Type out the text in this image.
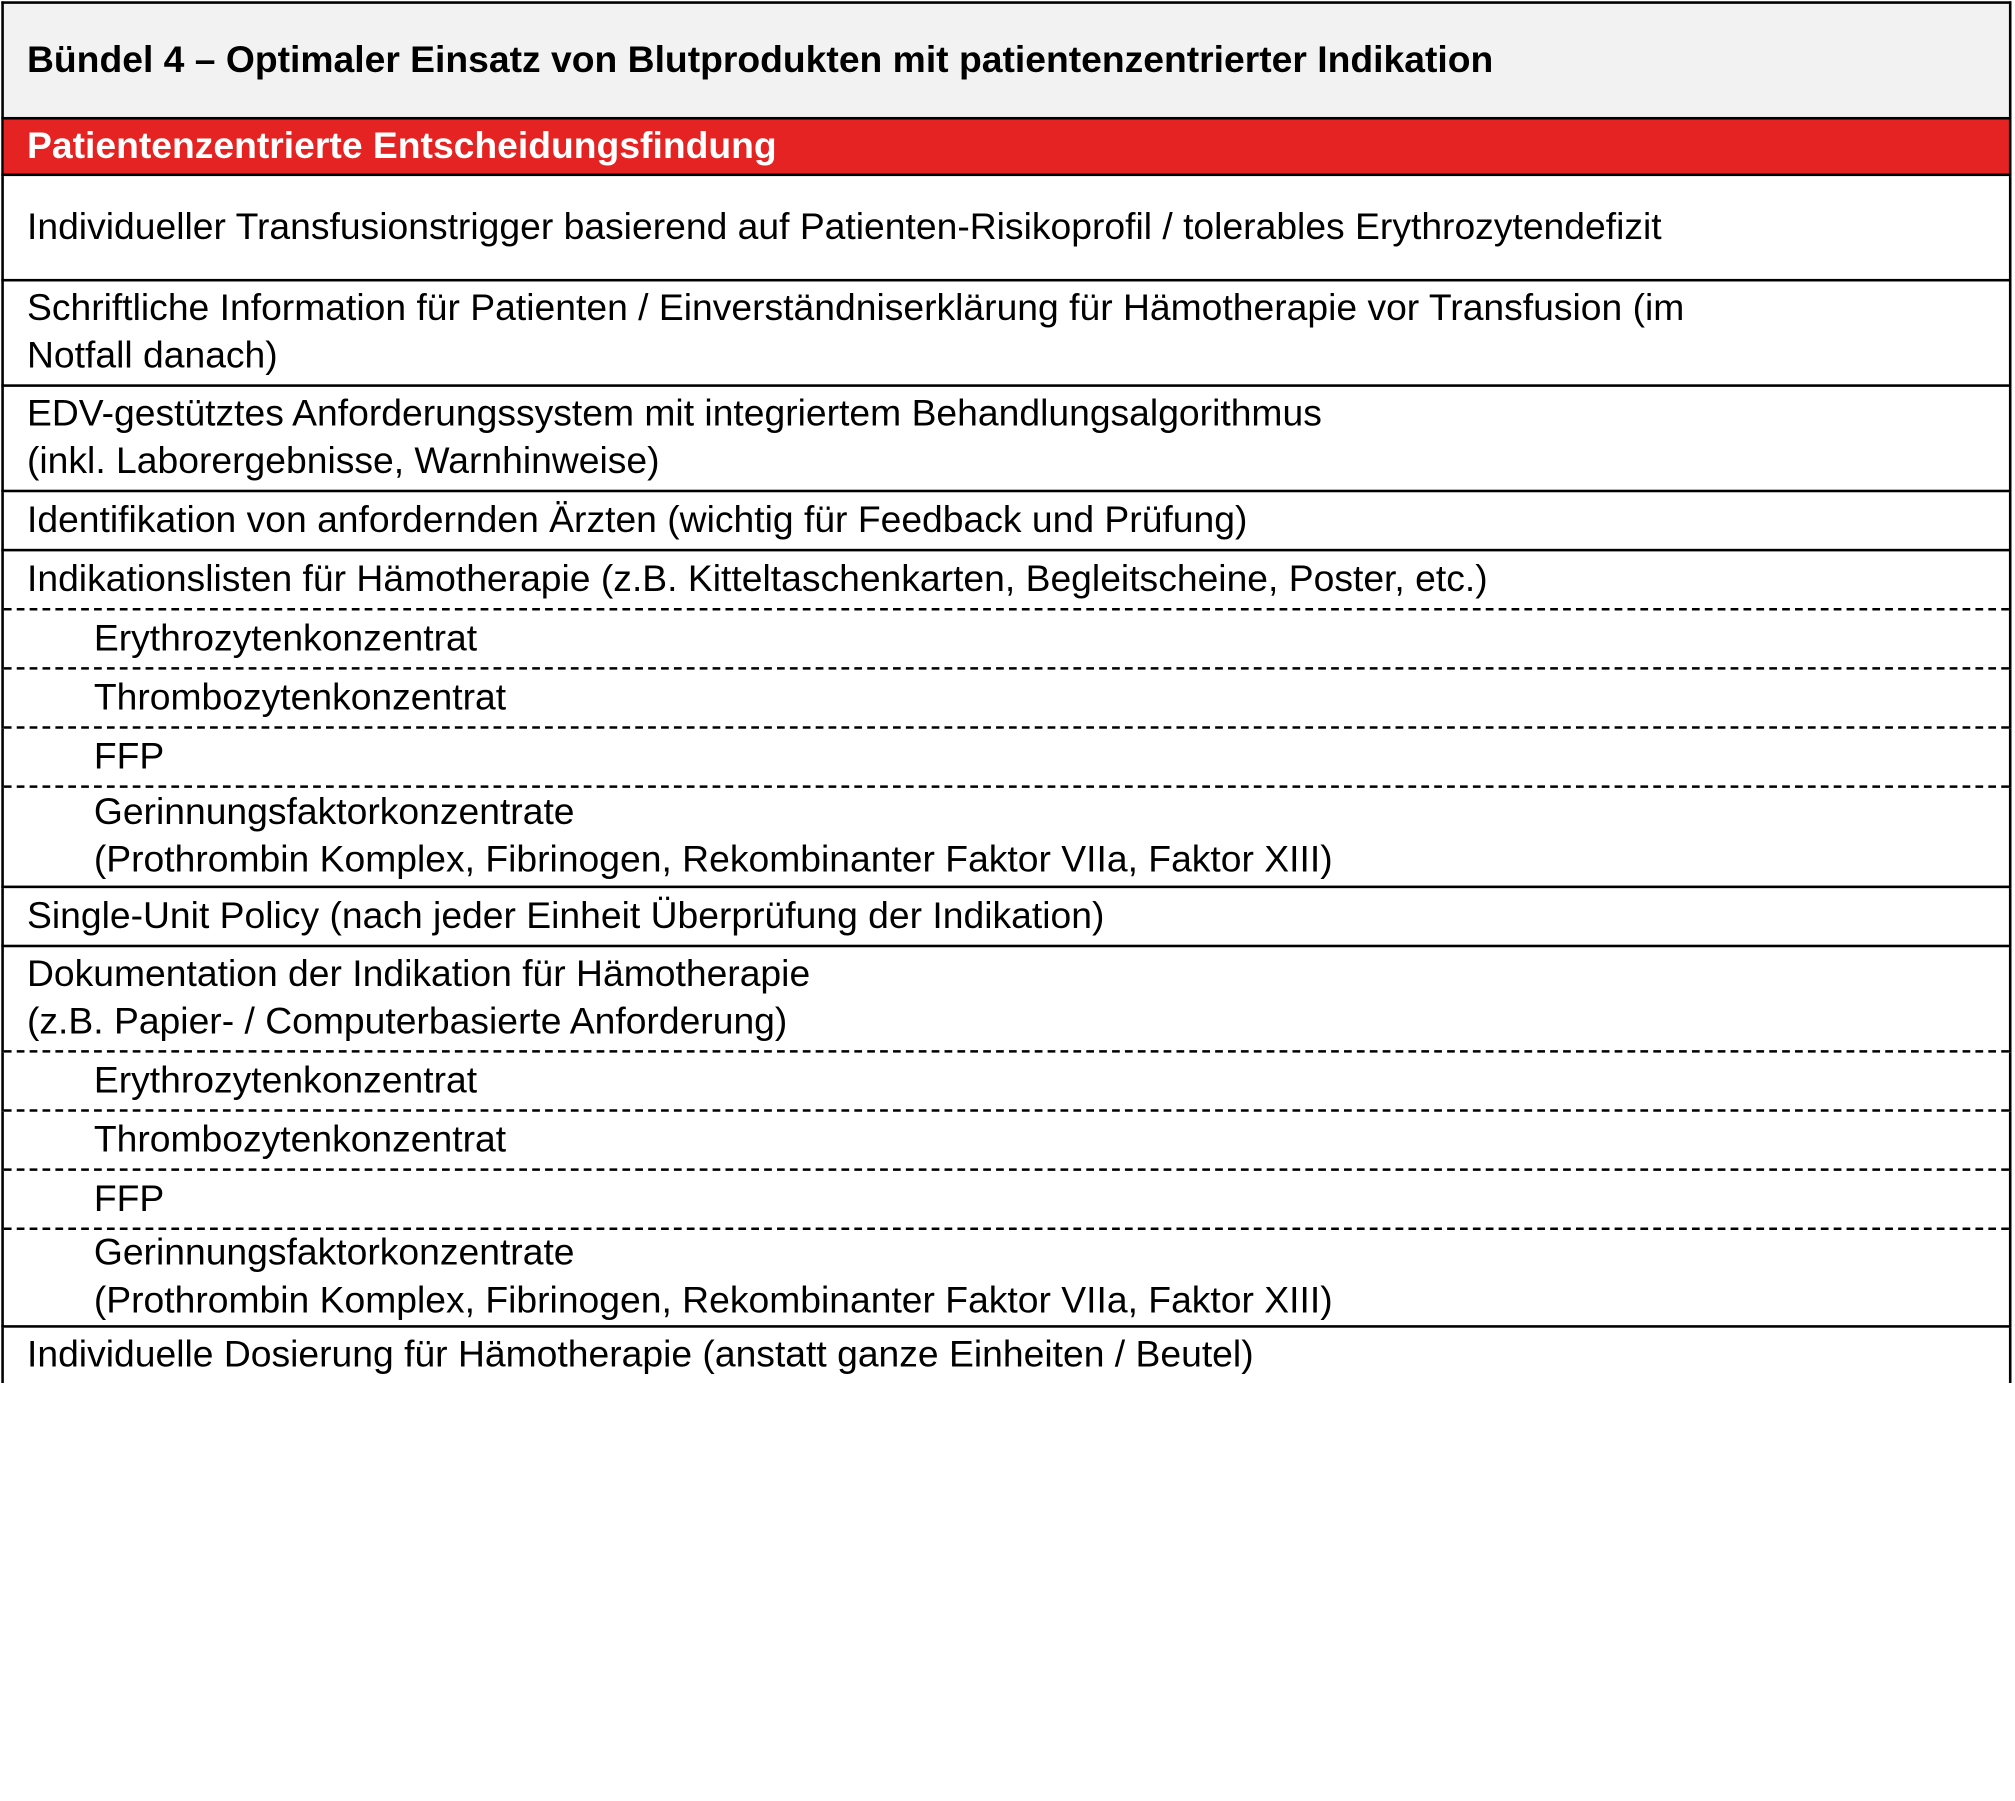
Bündel 4 – Optimaler Einsatz von Blutprodukten mit patientenzentrierter Indikation
Patientenzentrierte Entscheidungsfindung
Individueller Transfusionstrigger basierend auf Patienten-Risikoprofil / tolerables Erythrozytendefizit
Schriftliche Information für Patienten / Einverständniserklärung für Hämotherapie vor Transfusion (im
Notfall danach)
EDV-gestütztes Anforderungssystem mit integriertem Behandlungsalgorithmus
(inkl. Laborergebnisse, Warnhinweise)
Identifikation von anfordernden Ärzten (wichtig für Feedback und Prüfung)
Indikationslisten für Hämotherapie (z.B. Kitteltaschenkarten, Begleitscheine, Poster, etc.)
Erythrozytenkonzentrat
Thrombozytenkonzentrat
FFP
Gerinnungsfaktorkonzentrate
(Prothrombin Komplex, Fibrinogen, Rekombinanter Faktor VIIa, Faktor XIII)
Single-Unit Policy (nach jeder Einheit Überprüfung der Indikation)
Dokumentation der Indikation für Hämotherapie
(z.B. Papier- / Computerbasierte Anforderung)
Erythrozytenkonzentrat
Thrombozytenkonzentrat
FFP
Gerinnungsfaktorkonzentrate
(Prothrombin Komplex, Fibrinogen, Rekombinanter Faktor VIIa, Faktor XIII)
Individuelle Dosierung für Hämotherapie (anstatt ganze Einheiten / Beutel)
